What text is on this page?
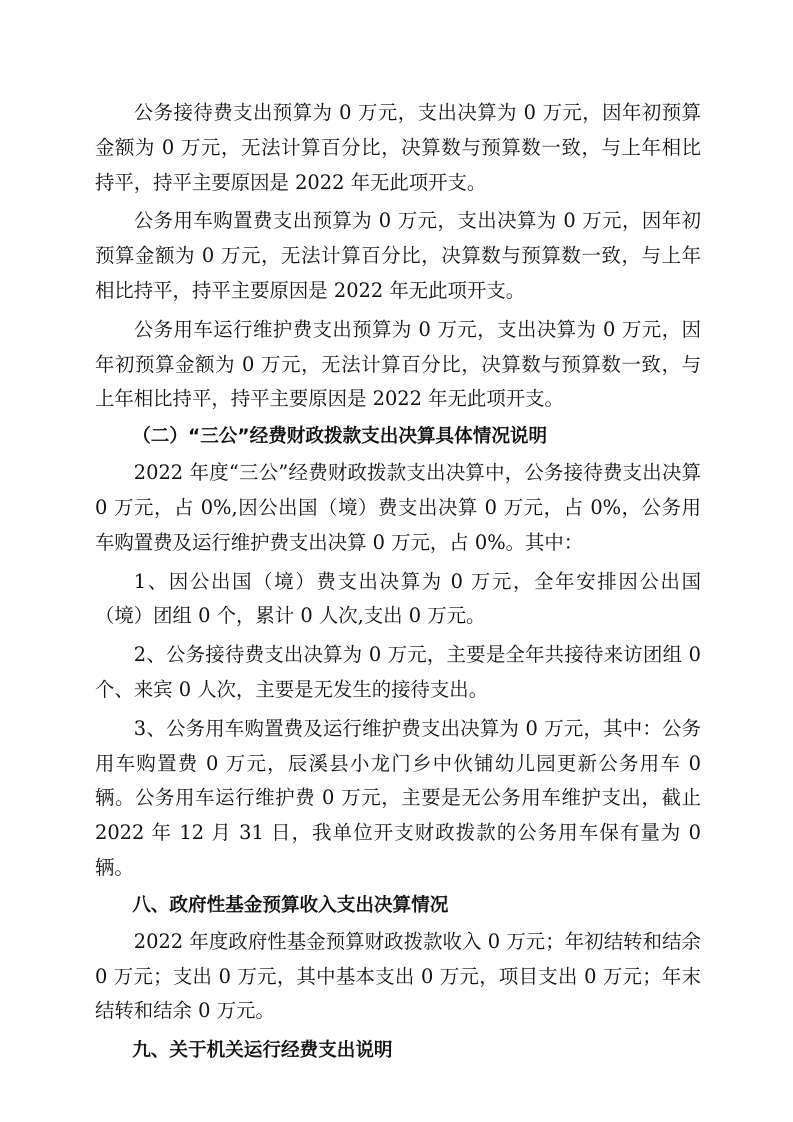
公务接待费支出预算为 0 万元，支出决算为 0 万元，因年初预算金额为 0 万元，无法计算百分比，决算数与预算数一致，与上年相比持平，持平主要原因是 2022 年无此项开支。

公务用车购置费支出预算为 0 万元，支出决算为 0 万元，因年初预算金额为 0 万元，无法计算百分比，决算数与预算数一致，与上年相比持平，持平主要原因是 2022 年无此项开支。

公务用车运行维护费支出预算为 0 万元，支出决算为 0 万元，因年初预算金额为 0 万元，无法计算百分比，决算数与预算数一致，与上年相比持平，持平主要原因是 2022 年无此项开支。

（二）“三公”经费财政拨款支出决算具体情况说明

2022 年度“三公”经费财政拨款支出决算中，公务接待费支出决算 0 万元，占 0%,因公出国（境）费支出决算 0 万元，占 0%，公务用车购置费及运行维护费支出决算 0 万元，占 0%。其中：

1、因公出国（境）费支出决算为 0 万元，全年安排因公出国（境）团组 0 个，累计 0 人次,支出 0 万元。

2、公务接待费支出决算为 0 万元，主要是全年共接待来访团组 0 个、来宾 0 人次，主要是无发生的接待支出。

3、公务用车购置费及运行维护费支出决算为 0 万元，其中：公务用车购置费 0 万元，辰溪县小龙门乡中伙铺幼儿园更新公务用车 0 辆。公务用车运行维护费 0 万元，主要是无公务用车维护支出，截止 2022 年 12 月 31 日，我单位开支财政拨款的公务用车保有量为 0 辆。

八、政府性基金预算收入支出决算情况

2022 年度政府性基金预算财政拨款收入 0 万元；年初结转和结余 0 万元；支出 0 万元，其中基本支出 0 万元，项目支出 0 万元；年末结转和结余 0 万元。

九、关于机关运行经费支出说明
